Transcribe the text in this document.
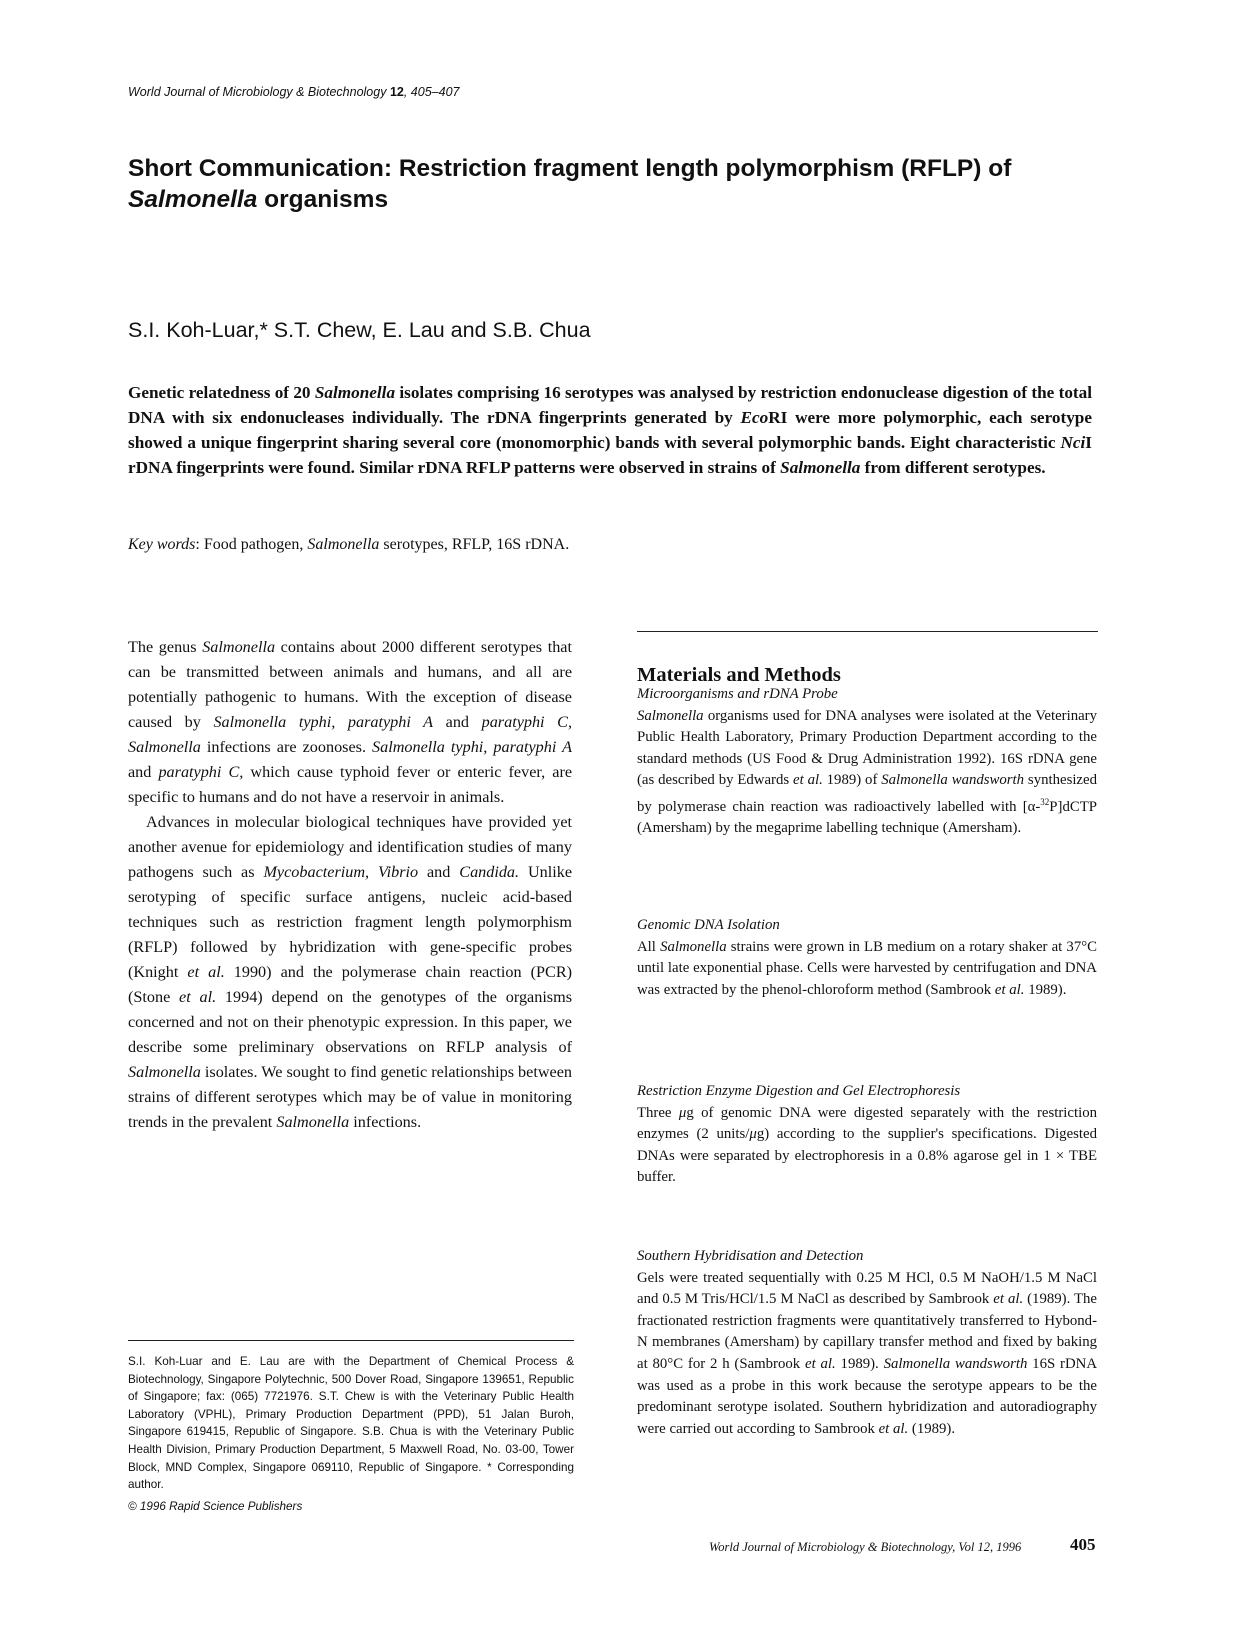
World Journal of Microbiology & Biotechnology 12, 405–407
Short Communication: Restriction fragment length polymorphism (RFLP) of
Salmonella organisms
S.I. Koh-Luar,* S.T. Chew, E. Lau and S.B. Chua
Genetic relatedness of 20 Salmonella isolates comprising 16 serotypes was analysed by restriction endonuclease digestion of the total DNA with six endonucleases individually. The rDNA fingerprints generated by EcoRI were more polymorphic, each serotype showed a unique fingerprint sharing several core (monomorphic) bands with several polymorphic bands. Eight characteristic NciI rDNA fingerprints were found. Similar rDNA RFLP patterns were observed in strains of Salmonella from different serotypes.
Key words: Food pathogen, Salmonella serotypes, RFLP, 16S rDNA.

The genus Salmonella contains about 2000 different serotypes that can be transmitted between animals and humans, and all are potentially pathogenic to humans. With the exception of disease caused by Salmonella typhi, paratyphi A and paratyphi C, Salmonella infections are zoonoses. Salmonella typhi, paratyphi A and paratyphi C, which cause typhoid fever or enteric fever, are specific to humans and do not have a reservoir in animals.

Advances in molecular biological techniques have provided yet another avenue for epidemiology and identification studies of many pathogens such as Mycobacterium, Vibrio and Candida. Unlike serotyping of specific surface antigens, nucleic acid-based techniques such as restriction fragment length polymorphism (RFLP) followed by hybridization with gene-specific probes (Knight et al. 1990) and the polymerase chain reaction (PCR) (Stone et al. 1994) depend on the genotypes of the organisms concerned and not on their phenotypic expression. In this paper, we describe some preliminary observations on RFLP analysis of Salmonella isolates. We sought to find genetic relationships between strains of different serotypes which may be of value in monitoring trends in the prevalent Salmonella infections.

S.I. Koh-Luar and E. Lau are with the Department of Chemical Process & Biotechnology, Singapore Polytechnic, 500 Dover Road, Singapore 139651, Republic of Singapore; fax: (065) 7721976. S.T. Chew is with the Veterinary Public Health Laboratory (VPHL), Primary Production Department (PPD), 51 Jalan Buroh, Singapore 619415, Republic of Singapore. S.B. Chua is with the Veterinary Public Health Division, Primary Production Department, 5 Maxwell Road, No. 03-00, Tower Block, MND Complex, Singapore 069110, Republic of Singapore. * Corresponding author.
© 1996 Rapid Science Publishers
Materials and Methods
Microorganisms and rDNA Probe

Salmonella organisms used for DNA analyses were isolated at the Veterinary Public Health Laboratory, Primary Production Department according to the standard methods (US Food & Drug Administration 1992). 16S rDNA gene (as described by Edwards et al. 1989) of Salmonella wandsworth synthesized by polymerase chain reaction was radioactively labelled with [α-$^{32}$P]dCTP (Amersham) by the megaprime labelling technique (Amersham).

Genomic DNA Isolation

All Salmonella strains were grown in LB medium on a rotary shaker at 37°C until late exponential phase. Cells were harvested by centrifugation and DNA was extracted by the phenol-chloroform method (Sambrook et al. 1989).

Restriction Enzyme Digestion and Gel Electrophoresis

Three μg of genomic DNA were digested separately with the restriction enzymes (2 units/μg) according to the supplier's specifications. Digested DNAs were separated by electrophoresis in a 0.8% agarose gel in 1 × TBE buffer.

Southern Hybridisation and Detection

Gels were treated sequentially with 0.25 M HCl, 0.5 M NaOH/1.5 M NaCl and 0.5 M Tris/HCl/1.5 M NaCl as described by Sambrook et al. (1989). The fractionated restriction fragments were quantitatively transferred to Hybond-N membranes (Amersham) by capillary transfer method and fixed by baking at 80°C for 2 h (Sambrook et al. 1989). Salmonella wandsworth 16S rDNA was used as a probe in this work because the serotype appears to be the predominant serotype isolated. Southern hybridization and autoradiography were carried out according to Sambrook et al. (1989).

World Journal of Microbiology & Biotechnology, Vol 12, 1996	405
